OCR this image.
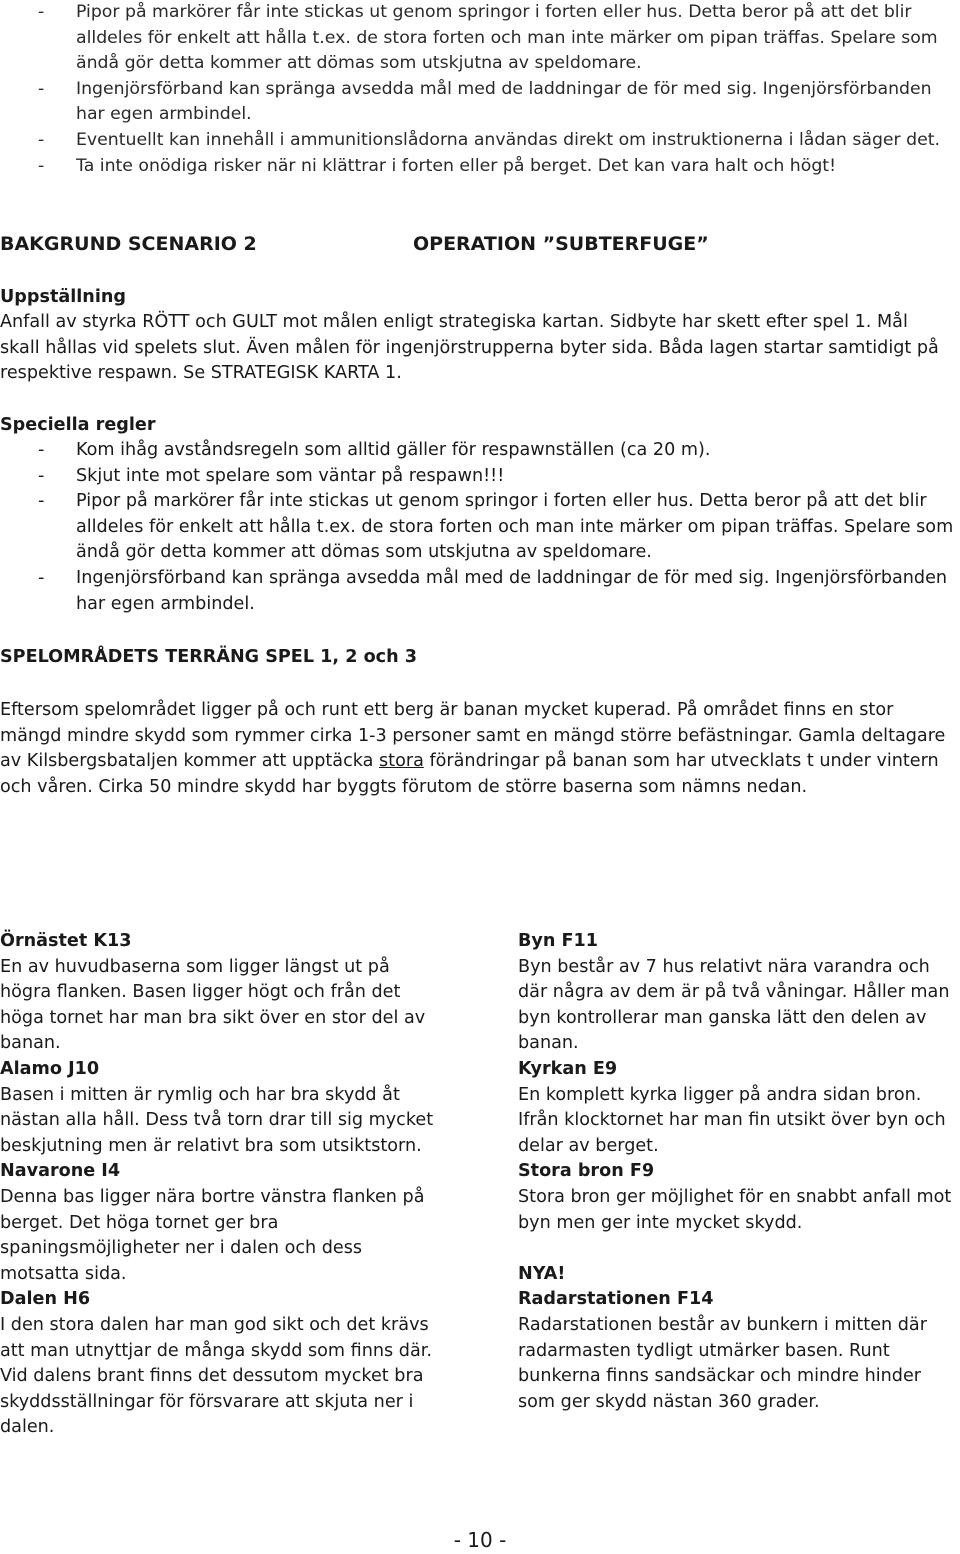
- Pipor på markörer får inte stickas ut genom springor i forten eller hus. Detta beror på att det blir alldeles för enkelt att hålla t.ex. de stora forten och man inte märker om pipan träffas. Spelare som ändå gör detta kommer att dömas som utskjutna av speldomare.
- Ingenjörsförband kan spränga avsedda mål med de laddningar de för med sig. Ingenjörsförbanden har egen armbindel.
- Eventuellt kan innehåll i ammunitionslådorna användas direkt om instruktionerna i lådan säger det.
- Ta inte onödiga risker när ni klättrar i forten eller på berget. Det kan vara halt och högt!
BAKGRUND SCENARIO 2	OPERATION ”SUBTERFUGE”
Uppställning

Anfall av styrka RÖTT och GULT mot målen enligt strategiska kartan. Sidbyte har skett efter spel 1. Mål skall hållas vid spelets slut. Även målen för ingenjörstrupperna byter sida. Båda lagen startar samtidigt på respektive respawn. Se STRATEGISK KARTA 1.

Speciella regler
- Kom ihåg avståndsregeln som alltid gäller för respawnställen (ca 20 m).
- Skjut inte mot spelare som väntar på respawn!!!
- Pipor på markörer får inte stickas ut genom springor i forten eller hus. Detta beror på att det blir alldeles för enkelt att hålla t.ex. de stora forten och man inte märker om pipan träffas. Spelare som ändå gör detta kommer att dömas som utskjutna av speldomare.
- Ingenjörsförband kan spränga avsedda mål med de laddningar de för med sig. Ingenjörsförbanden har egen armbindel.
SPELOMRÅDETS TERRÄNG SPEL 1, 2 och 3

Eftersom spelområdet ligger på och runt ett berg är banan mycket kuperad. På området finns en stor mängd mindre skydd som rymmer cirka 1-3 personer samt en mängd större befästningar. Gamla deltagare av Kilsbergsbataljen kommer att upptäcka stora förändringar på banan som har utvecklats t under vintern och våren. Cirka 50 mindre skydd har byggts förutom de större baserna som nämns nedan.

Örnästet K13
En av huvudbaserna som ligger längst ut på högra flanken. Basen ligger högt och från det höga tornet har man bra sikt över en stor del av banan.
Alamo J10
Basen i mitten är rymlig och har bra skydd åt nästan alla håll. Dess två torn drar till sig mycket beskjutning men är relativt bra som utsiktstorn.
Navarone I4
Denna bas ligger nära bortre vänstra flanken på berget. Det höga tornet ger bra spaningsmöjligheter ner i dalen och dess motsatta sida.
Dalen H6
I den stora dalen har man god sikt och det krävs att man utnyttjar de många skydd som finns där. Vid dalens brant finns det dessutom mycket bra skyddsställningar för försvarare att skjuta ner i dalen.
Byn F11
Byn består av 7 hus relativt nära varandra och där några av dem är på två våningar. Håller man byn kontrollerar man ganska lätt den delen av banan.
Kyrkan E9
En komplett kyrka ligger på andra sidan bron. Ifrån klocktornet har man fin utsikt över byn och delar av berget.
Stora bron F9
Stora bron ger möjlighet för en snabbt anfall mot byn men ger inte mycket skydd.
NYA!
Radarstationen F14
Radarstationen består av bunkern i mitten där radarmasten tydligt utmärker basen. Runt bunkerna finns sandsäckar och mindre hinder som ger skydd nästan 360 grader.
- 10 -
